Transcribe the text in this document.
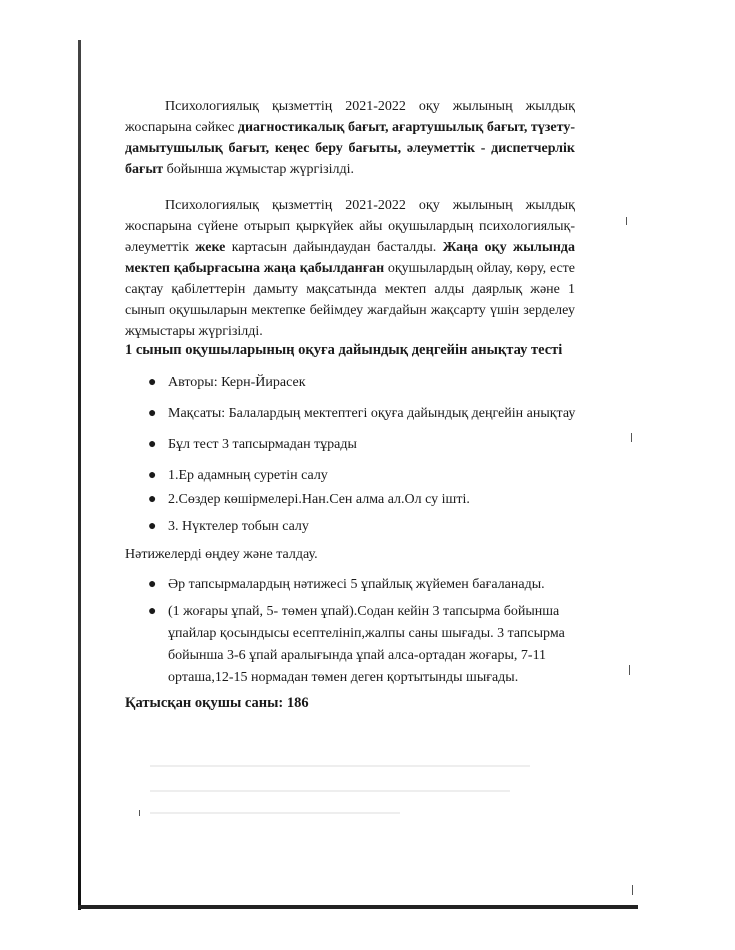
Психологиялық қызметтің 2021-2022 оқу жылының жылдық жоспарына сәйкес диагностикалық бағыт, ағартушылық бағыт, түзету-дамытушылық бағыт, кеңес беру бағыты, әлеуметтік - диспетчерлік бағыт бойынша жұмыстар жүргізілді.

Психологиялық қызметтің 2021-2022 оқу жылының жылдық жоспарына сүйене отырып қыркүйек айы оқушылардың психологиялық-әлеуметтік жеке картасын дайындаудан басталды. Жаңа оқу жылында мектеп қабырғасына жаңа қабылданған оқушылардың ойлау, көру, есте сақтау қабілеттерін дамыту мақсатында мектеп алды даярлық және 1 сынып оқушыларын мектепке бейімдеу жағдайын жақсарту үшін зерделеу жұмыстары жүргізілді.

1 сынып оқушыларының оқуға дайындық деңгейін анықтау тесті

● Авторы: Керн-Йирасек

● Мақсаты: Балалардың мектептегі оқуға дайындық деңгейін анықтау

● Бұл тест 3 тапсырмадан тұрады

● 1.Ер адамның суретін салу

● 2.Сөздер көшірмелері.Нан.Сен алма ал.Ол су ішті.

● 3. Нүктелер тобын салу

Нәтижелерді өңдеу және талдау.

● Әр тапсырмалардың нәтижесі 5 ұпайлық жүйемен бағаланады.

● (1 жоғары ұпай, 5- төмен ұпай).Содан кейін 3 тапсырма бойынша ұпайлар қосындысы есептелініп,жалпы саны шығады. 3 тапсырма бойынша 3-6 ұпай аралығында ұпай алса-ортадан жоғары, 7-11 орташа,12-15 нормадан төмен деген қортытынды шығады.

Қатысқан оқушы саны: 186
